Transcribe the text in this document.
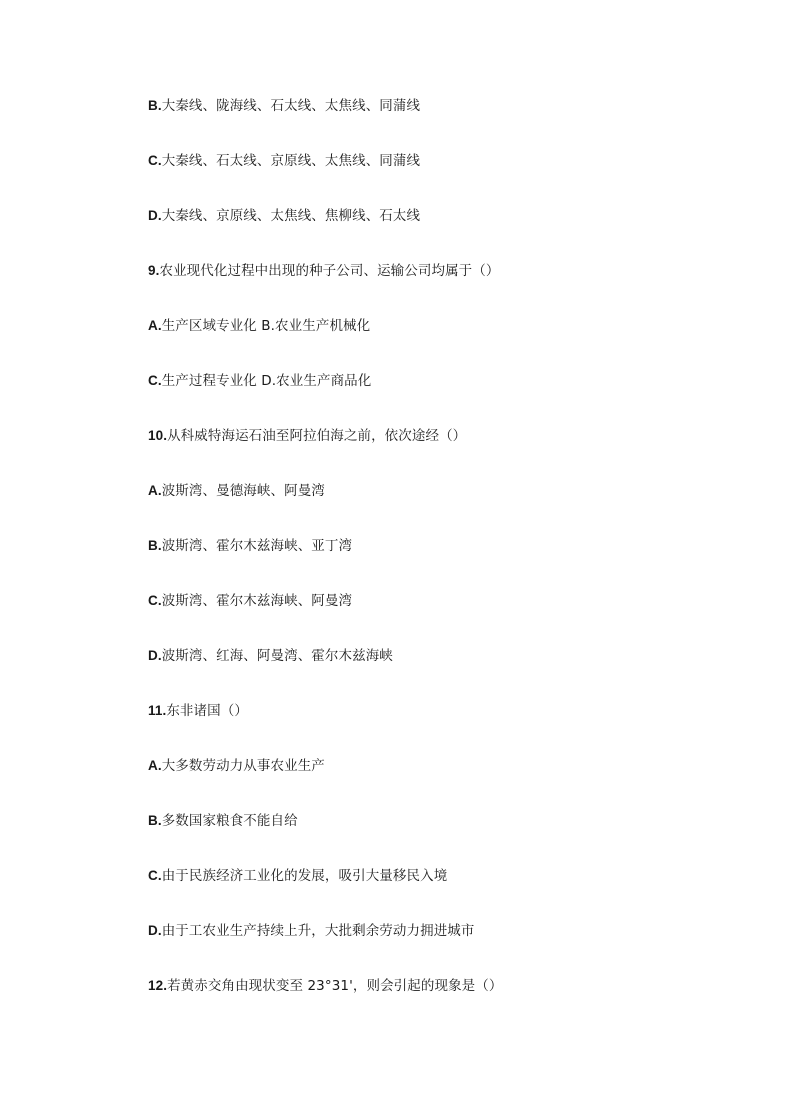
B.大秦线、陇海线、石太线、太焦线、同蒲线
C.大秦线、石太线、京原线、太焦线、同蒲线
D.大秦线、京原线、太焦线、焦柳线、石太线
9.农业现代化过程中出现的种子公司、运输公司均属于（）
A.生产区域专业化 B.农业生产机械化
C.生产过程专业化 D.农业生产商品化
10.从科威特海运石油至阿拉伯海之前，依次途经（）
A.波斯湾、曼德海峡、阿曼湾
B.波斯湾、霍尔木兹海峡、亚丁湾
C.波斯湾、霍尔木兹海峡、阿曼湾
D.波斯湾、红海、阿曼湾、霍尔木兹海峡
11.东非诸国（）
A.大多数劳动力从事农业生产
B.多数国家粮食不能自给
C.由于民族经济工业化的发展，吸引大量移民入境
D.由于工农业生产持续上升，大批剩余劳动力拥进城市
12.若黄赤交角由现状变至 23°31'，则会引起的现象是（）
